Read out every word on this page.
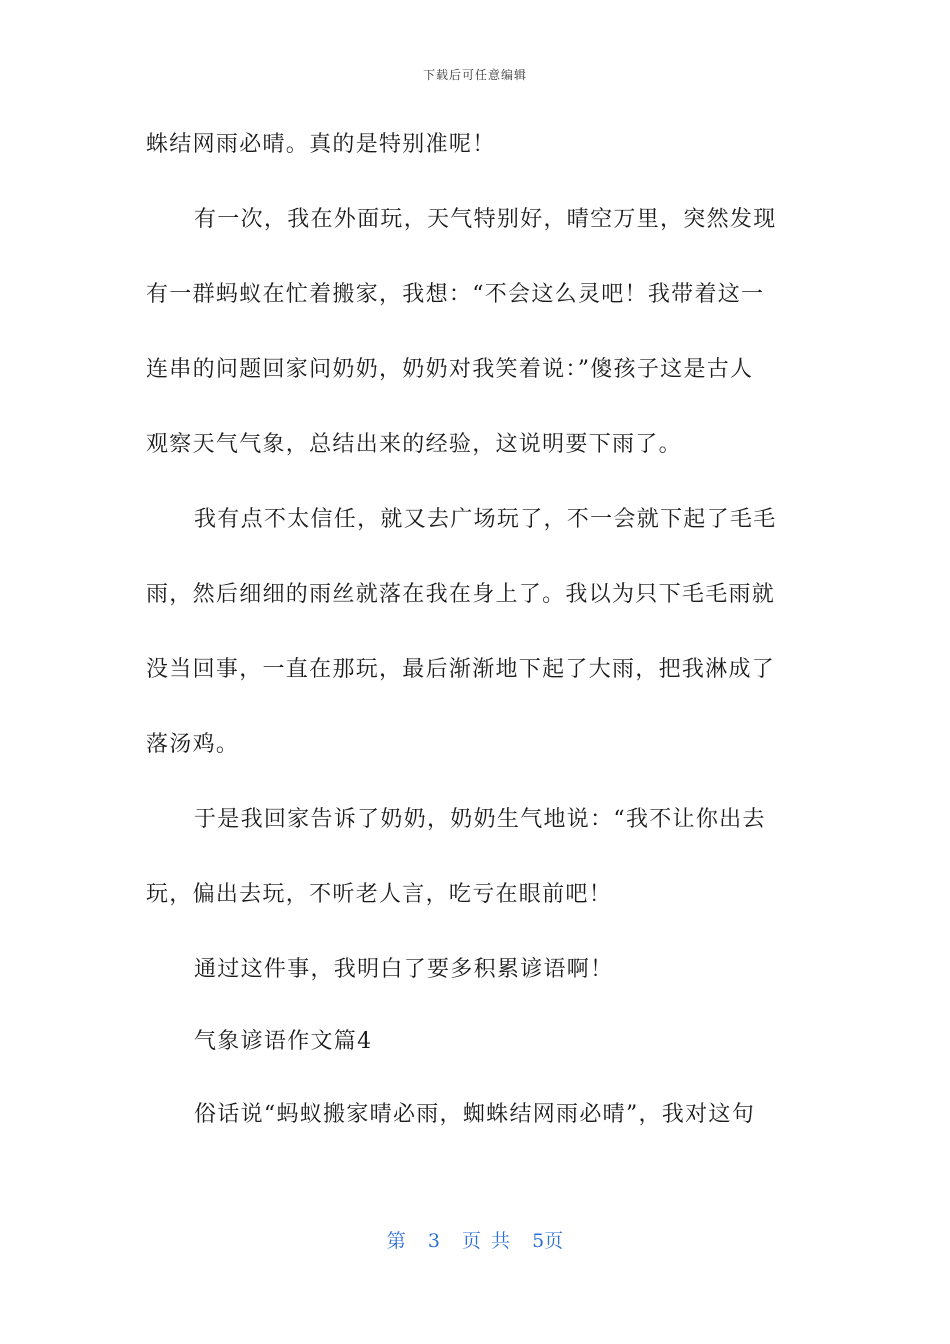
下载后可任意编辑
蛛结网雨必晴。真的是特别准呢！
有一次，我在外面玩，天气特别好，晴空万里，突然发现
有一群蚂蚁在忙着搬家，我想：“不会这么灵吧！我带着这一
连串的问题回家问奶奶，奶奶对我笑着说：”傻孩子这是古人
观察天气气象，总结出来的经验，这说明要下雨了。
我有点不太信任，就又去广场玩了，不一会就下起了毛毛
雨，然后细细的雨丝就落在我在身上了。我以为只下毛毛雨就
没当回事，一直在那玩，最后渐渐地下起了大雨，把我淋成了
落汤鸡。
于是我回家告诉了奶奶，奶奶生气地说：“我不让你出去
玩，偏出去玩，不听老人言，吃亏在眼前吧！
通过这件事，我明白了要多积累谚语啊！
气象谚语作文篇4
俗话说“蚂蚁搬家晴必雨，蜘蛛结网雨必晴”，我对这句
第 3 页 共 5页
